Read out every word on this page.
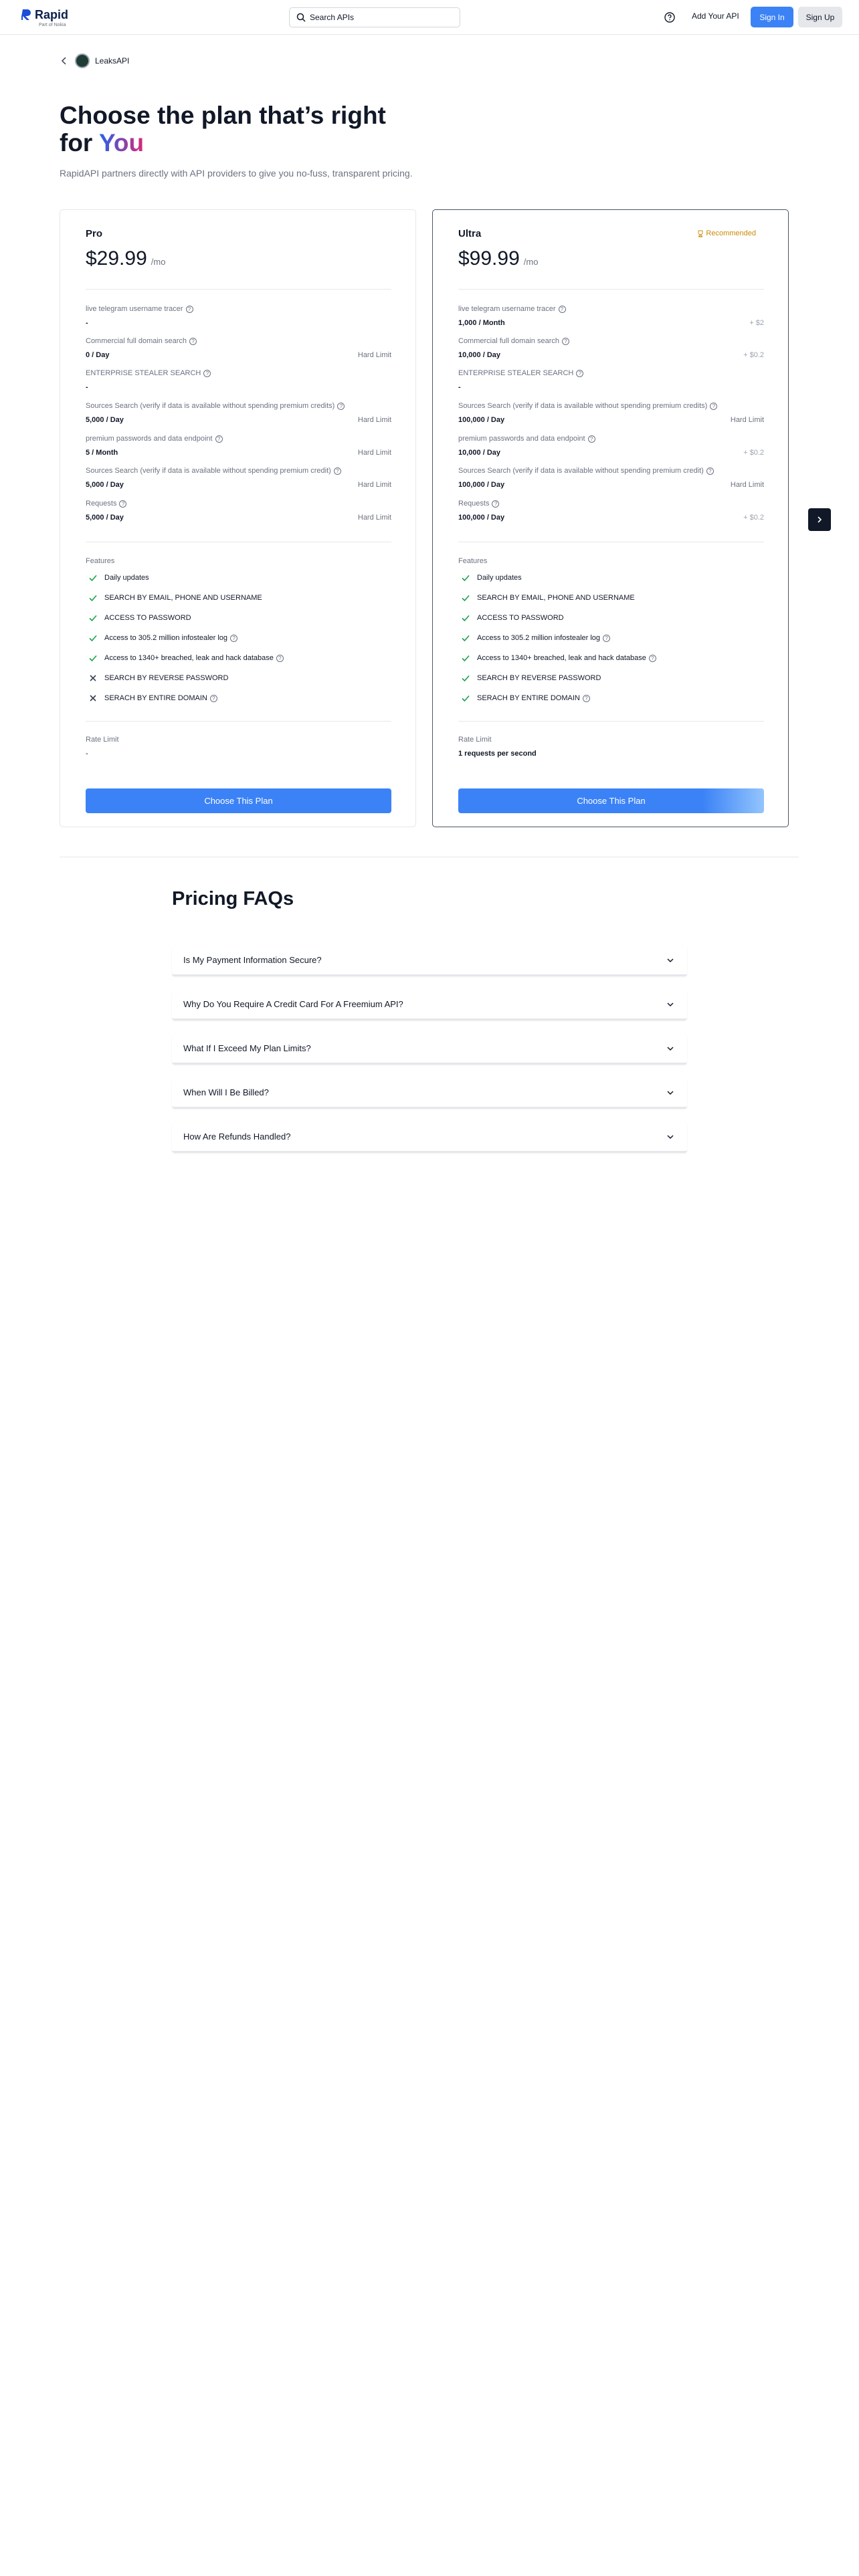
Rapid
Part of Nokia
Search APIs	Add Your API	Sign In	Sign Up
LeaksAPI
Choose the plan that’s right
for You

RapidAPI partners directly with API providers to give you no-fuss, transparent pricing.

Pro
$29.99 /mo
live telegram username tracer ?
-
Commercial full domain search ?
0 / Day	Hard Limit
ENTERPRISE STEALER SEARCH ?
-
Sources Search (verify if data is available without spending premium credits) ?
5,000 / Day	Hard Limit
premium passwords and data endpoint ?
5 / Month	Hard Limit
Sources Search (verify if data is available without spending premium credit) ?
5,000 / Day	Hard Limit
Requests ?
5,000 / Day	Hard Limit
Features
Daily updates
SEARCH BY EMAIL, PHONE AND USERNAME
ACCESS TO PASSWORD
Access to 305.2 million infostealer log ?
Access to 1340+ breached, leak and hack database ?
SEARCH BY REVERSE PASSWORD
SERACH BY ENTIRE DOMAIN ?
Rate Limit
-
Choose This Plan
Ultra	Recommended
$99.99 /mo
live telegram username tracer ?
1,000 / Month	+ $2
Commercial full domain search ?
10,000 / Day	+ $0.2
ENTERPRISE STEALER SEARCH ?
-
Sources Search (verify if data is available without spending premium credits) ?
100,000 / Day	Hard Limit
premium passwords and data endpoint ?
10,000 / Day	+ $0.2
Sources Search (verify if data is available without spending premium credit) ?
100,000 / Day	Hard Limit
Requests ?
100,000 / Day	+ $0.2
Features
Daily updates
SEARCH BY EMAIL, PHONE AND USERNAME
ACCESS TO PASSWORD
Access to 305.2 million infostealer log ?
Access to 1340+ breached, leak and hack database ?
SEARCH BY REVERSE PASSWORD
SERACH BY ENTIRE DOMAIN ?
Rate Limit
1 requests per second
Choose This Plan
Pricing FAQs
Is My Payment Information Secure?
Why Do You Require A Credit Card For A Freemium API?
What If I Exceed My Plan Limits?
When Will I Be Billed?
How Are Refunds Handled?
